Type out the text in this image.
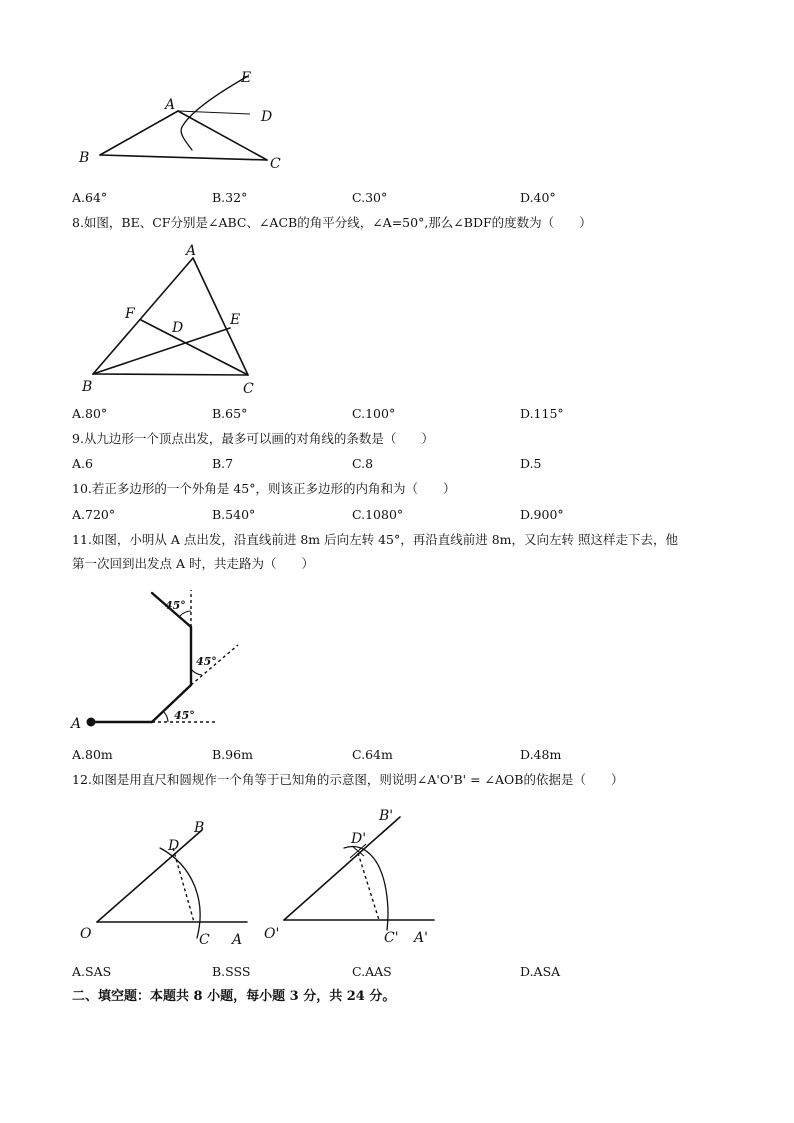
E
A
D
B	C
A.64°	B.32°	C.30°	D.40°
8.如图，BE、CF分别是∠ABC、∠ACB的角平分线，∠A=50°,那么∠BDF的度数为（　　）
A
F
D	E
B	C
A.80°	B.65°	C.100°	D.115°
9.从九边形一个顶点出发，最多可以画的对角线的条数是（　　）
A.6	B.7	C.8	D.5
10.若正多边形的一个外角是 45°，则该正多边形的内角和为（　　）
A.720°	B.540°	C.1080°	D.900°
11.如图，小明从 A 点出发，沿直线前进 8m 后向左转 45°，再沿直线前进 8m，又向左转 照这样走下去，他
第一次回到出发点 A 时，共走路为（　　）
45°
45°
45°
A
A.80m	B.96m	C.64m	D.48m
12.如图是用直尺和圆规作一个角等于已知角的示意图，则说明∠A'O'B' = ∠AOB的依据是（　　）
O	C A
D
B
O'	C' A'
D'
B'
A.SAS	B.SSS	C.AAS	D.ASA
二、填空题：本题共 8 小题，每小题 3 分，共 24 分。
